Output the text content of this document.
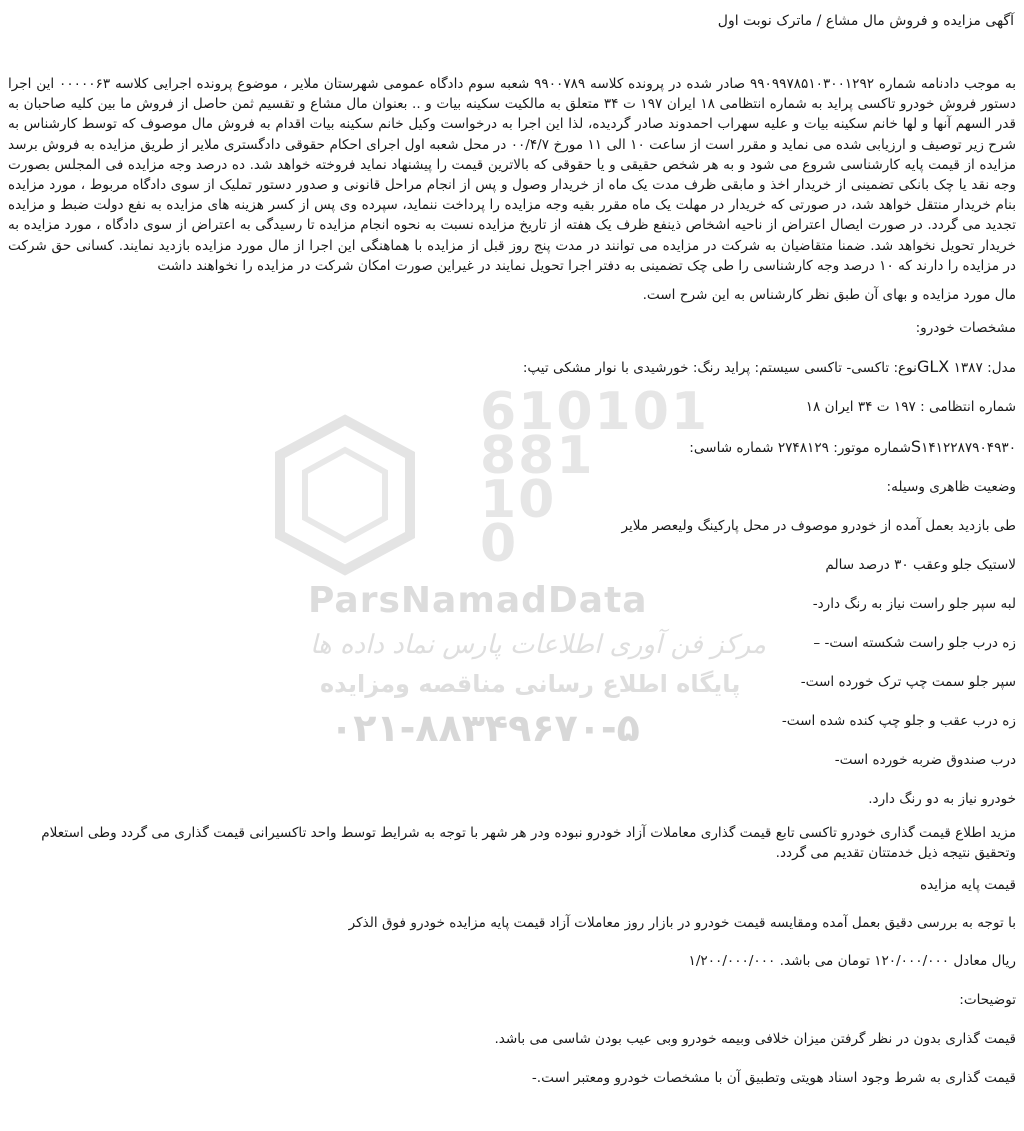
610101
881
10
0
ParsNamadData
مرکز فن آوری اطلاعات پارس نماد داده ها
پایگاه اطلاع رسانی مناقصه ومزایده
۰۲۱-۸۸۳۴۹۶۷۰-۵
آگهی مزایده و فروش مال مشاع / ماترک نوبت اول

به موجب دادنامه شماره ۹۹۰۹۹۷۸۵۱۰۳۰۰۱۲۹۲ صادر شده در پرونده کلاسه ۹۹۰۰۷۸۹ شعبه سوم دادگاه عمومی شهرستان ملایر ، موضوع پرونده اجرایی کلاسه ۰۰۰۰۰۶۳ این اجرا دستور فروش خودرو تاکسی پراید به شماره انتظامی ۱۸ ایران ۱۹۷ ت ۳۴ متعلق به مالکیت سکینه بیات و .. بعنوان مال مشاع و تقسیم ثمن حاصل از فروش ما بین کلیه صاحبان به قدر السهم آنها و لها خانم سکینه بیات و علیه سهراب احمدوند صادر گردیده، لذا این اجرا به درخواست وکیل خانم سکینه بیات اقدام به فروش مال موصوف که توسط کارشناس به شرح زیر توصیف و ارزیابی شده می نماید و مقرر است از ساعت ۱۰ الی ۱۱ مورخ ۰۰/۴/۷ در محل شعبه اول اجرای احکام حقوقی دادگستری ملایر از طریق مزایده به فروش برسد مزایده از قیمت پایه کارشناسی شروع می شود و به هر شخص حقیقی و یا حقوقی که بالاترین قیمت را پیشنهاد نماید فروخته خواهد شد. ده درصد وجه مزایده فی المجلس بصورت وجه نقد یا چک بانکی تضمینی از خریدار اخذ و مابقی ظرف مدت یک ماه از خریدار وصول و پس از انجام مراحل قانونی و صدور دستور تملیک از سوی دادگاه مربوط ، مورد مزایده بنام خریدار منتقل خواهد شد، در صورتی که خریدار در مهلت یک ماه مقرر بقیه وجه مزایده را پرداخت ننماید، سپرده وی پس از کسر هزینه های مزایده به نفع دولت ضبط و مزایده تجدید می گردد. در صورت ایصال اعتراض از ناحیه اشخاص ذینفع ظرف یک هفته از تاریخ مزایده نسبت به نحوه انجام مزایده تا رسیدگی به اعتراض از سوی دادگاه ، مورد مزایده به خریدار تحویل نخواهد شد. ضمنا متقاضیان به شرکت در مزایده می توانند در مدت پنج روز قبل از مزایده با هماهنگی این اجرا از مال مورد مزایده بازدید نمایند. کسانی حق شرکت در مزایده را دارند که ۱۰ درصد وجه کارشناسی را طی چک تضمینی به دفتر اجرا تحویل نمایند در غیراین صورت امکان شرکت در مزایده را نخواهند داشت

مال مورد مزایده و بهای آن طبق نظر کارشناس به این شرح است.

مشخصات خودرو:

مدل: ۱۳۸۷ GLXنوع: تاکسی- تاکسی سیستم: پراید رنگ: خورشیدی با نوار مشکی تیپ:

شماره انتظامی : ۱۹۷ ت ۳۴ ایران ۱۸

S۱۴۱۲۲۸۷۹۰۴۹۳۰شماره موتور: ۲۷۴۸۱۲۹ شماره شاسی:

وضعیت ظاهری وسیله:

طی بازدید بعمل آمده از خودرو موصوف در محل پارکینگ ولیعصر ملایر

لاستیک جلو وعقب ۳۰ درصد سالم

لبه سپر جلو راست نیاز به رنگ دارد-

زه درب جلو راست شکسته است- –

سپر جلو سمت چپ ترک خورده است-

زه درب عقب و جلو چپ کنده شده است-

درب صندوق ضربه خورده است-

خودرو نیاز به دو رنگ دارد.

مزید اطلاع قیمت گذاری خودرو تاکسی تابع قیمت گذاری معاملات آزاد خودرو نبوده ودر هر شهر با توجه به شرایط توسط واحد تاکسیرانی قیمت گذاری می گردد وطی استعلام وتحقیق نتیجه ذیل خدمتتان تقدیم می گردد.

قیمت پایه مزایده

با توجه به بررسی دقیق بعمل آمده ومقایسه قیمت خودرو در بازار روز معاملات آزاد قیمت پایه مزایده خودرو فوق الذکر

ریال معادل ۱۲۰/۰۰۰/۰۰۰ تومان می باشد. ۱/۲۰۰/۰۰۰/۰۰۰

توضیحات:

قیمت گذاری بدون در نظر گرفتن میزان خلافی وبیمه خودرو وبی عیب بودن شاسی می باشد.

قیمت گذاری به شرط وجود اسناد هویتی وتطبیق آن با مشخصات خودرو ومعتبر است.-
